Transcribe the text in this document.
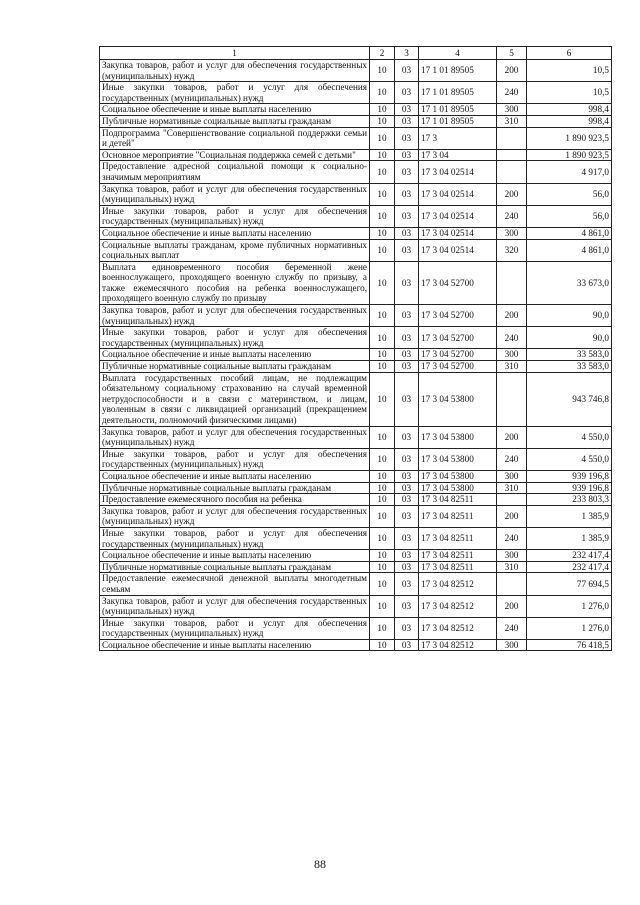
1	2	3	4	5	6
Закупка товаров, работ и услуг для обеспечения государственных (муниципальных) нужд	10	03	17 1 01 89505	200	10,5
Иные закупки товаров, работ и услуг для обеспечения государственных (муниципальных) нужд	10	03	17 1 01 89505	240	10,5
Социальное обеспечение и иные выплаты населению	10	03	17 1 01 89505	300	998,4
Публичные нормативные социальные выплаты гражданам	10	03	17 1 01 89505	310	998,4
Подпрограмма "Совершенствование социальной поддержки семьи и детей"	10	03	17 3		1 890 923,5
Основное мероприятие "Социальная поддержка семей с детьми"	10	03	17 3 04		1 890 923,5
Предоставление адресной социальной помощи к социально-значимым мероприятиям	10	03	17 3 04 02514		4 917,0
Закупка товаров, работ и услуг для обеспечения государственных (муниципальных) нужд	10	03	17 3 04 02514	200	56,0
Иные закупки товаров, работ и услуг для обеспечения государственных (муниципальных) нужд	10	03	17 3 04 02514	240	56,0
Социальное обеспечение и иные выплаты населению	10	03	17 3 04 02514	300	4 861,0
Социальные выплаты гражданам, кроме публичных нормативных социальных выплат	10	03	17 3 04 02514	320	4 861,0
Выплата единовременного пособия беременной жене военнослужащего, проходящего военную службу по призыву, а также ежемесячного пособия на ребенка военнослужащего, проходящего военную службу по призыву	10	03	17 3 04 52700		33 673,0
Закупка товаров, работ и услуг для обеспечения государственных (муниципальных) нужд	10	03	17 3 04 52700	200	90,0
Иные закупки товаров, работ и услуг для обеспечения государственных (муниципальных) нужд	10	03	17 3 04 52700	240	90,0
Социальное обеспечение и иные выплаты населению	10	03	17 3 04 52700	300	33 583,0
Публичные нормативные социальные выплаты гражданам	10	03	17 3 04 52700	310	33 583,0
Выплата государственных пособий лицам, не подлежащим обязательному социальному страхованию на случай временной нетрудоспособности и в связи с материнством, и лицам, уволенным в связи с ликвидацией организаций (прекращением деятельности, полномочий физическими лицами)	10	03	17 3 04 53800		943 746,8
Закупка товаров, работ и услуг для обеспечения государственных (муниципальных) нужд	10	03	17 3 04 53800	200	4 550,0
Иные закупки товаров, работ и услуг для обеспечения государственных (муниципальных) нужд	10	03	17 3 04 53800	240	4 550,0
Социальное обеспечение и иные выплаты населению	10	03	17 3 04 53800	300	939 196,8
Публичные нормативные социальные выплаты гражданам	10	03	17 3 04 53800	310	939 196,8
Предоставление ежемесячного пособия на ребенка	10	03	17 3 04 82511		233 803,3
Закупка товаров, работ и услуг для обеспечения государственных (муниципальных) нужд	10	03	17 3 04 82511	200	1 385,9
Иные закупки товаров, работ и услуг для обеспечения государственных (муниципальных) нужд	10	03	17 3 04 82511	240	1 385,9
Социальное обеспечение и иные выплаты населению	10	03	17 3 04 82511	300	232 417,4
Публичные нормативные социальные выплаты гражданам	10	03	17 3 04 82511	310	232 417,4
Предоставление ежемесячной денежной выплаты многодетным семьям	10	03	17 3 04 82512		77 694,5
Закупка товаров, работ и услуг для обеспечения государственных (муниципальных) нужд	10	03	17 3 04 82512	200	1 276,0
Иные закупки товаров, работ и услуг для обеспечения государственных (муниципальных) нужд	10	03	17 3 04 82512	240	1 276,0
Социальное обеспечение и иные выплаты населению	10	03	17 3 04 82512	300	76 418,5
88
